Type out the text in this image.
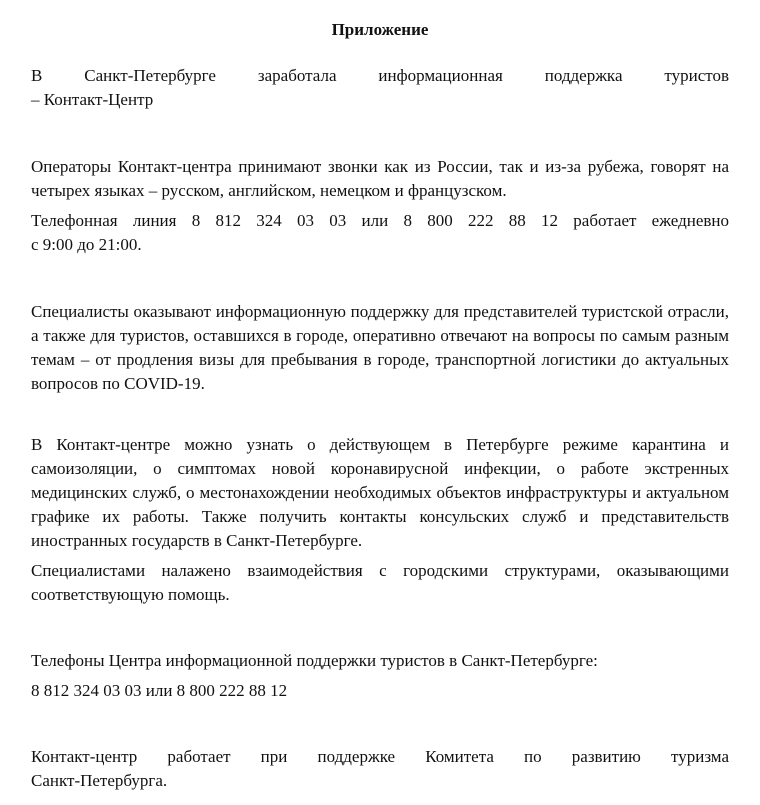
Приложение
В Санкт-Петербурге заработала информационная поддержка туристов
– Контакт-Центр
Операторы Контакт-центра принимают звонки как из России, так и из-за рубежа, говорят на четырех языках – русском, английском, немецком и французском.
Телефонная линия 8 812 324 03 03 или 8 800 222 88 12 работает ежедневно
с 9:00 до 21:00.
Специалисты оказывают информационную поддержку для представителей туристской отрасли, а также для туристов, оставшихся в городе, оперативно отвечают на вопросы по самым разным темам – от продления визы для пребывания в городе, транспортной логистики до актуальных вопросов по COVID-19.
В Контакт-центре можно узнать о действующем в Петербурге режиме карантина и самоизоляции, о симптомах новой коронавирусной инфекции, о работе экстренных медицинских служб, о местонахождении необходимых объектов инфраструктуры и актуальном графике их работы. Также получить контакты консульских служб и представительств иностранных государств в Санкт-Петербурге.
Специалистами налажено взаимодействия с городскими структурами, оказывающими соответствующую помощь.
Телефоны Центра информационной поддержки туристов в Санкт-Петербурге:
8 812 324 03 03 или 8 800 222 88 12
Контакт-центр работает при поддержке Комитета по развитию туризма
Санкт-Петербурга.
